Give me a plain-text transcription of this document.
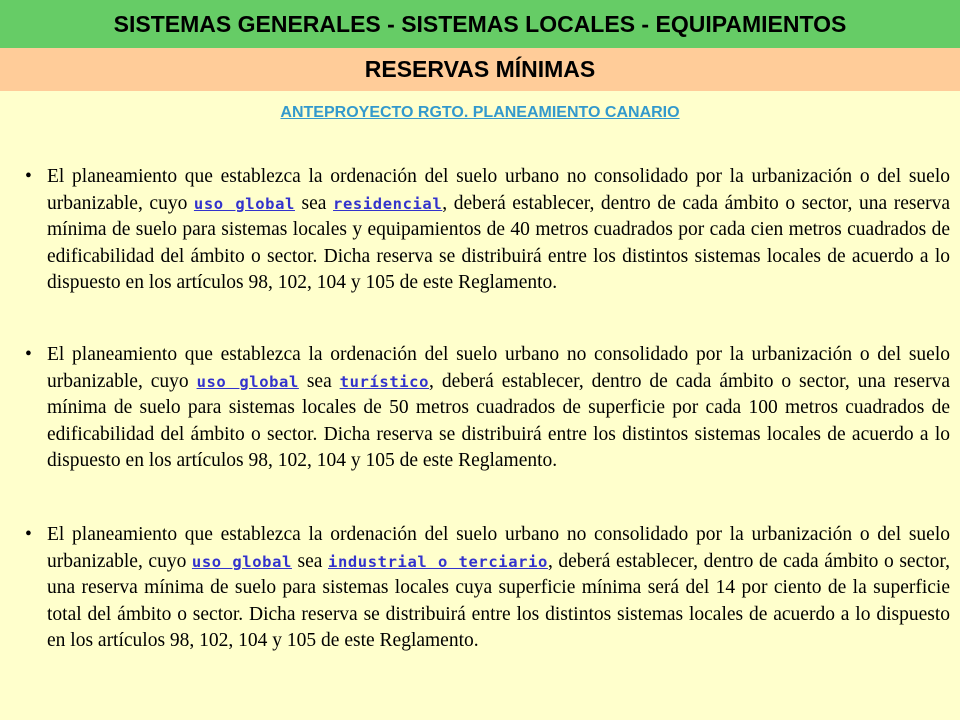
SISTEMAS GENERALES - SISTEMAS LOCALES - EQUIPAMIENTOS
RESERVAS MÍNIMAS
ANTEPROYECTO RGTO. PLANEAMIENTO CANARIO
• El planeamiento que establezca la ordenación del suelo urbano no consolidado por la urbanización o del suelo urbanizable, cuyo uso global sea residencial, deberá establecer, dentro de cada ámbito o sector, una reserva mínima de suelo para sistemas locales y equipamientos de 40 metros cuadrados por cada cien metros cuadrados de edificabilidad del ámbito o sector. Dicha reserva se distribuirá entre los distintos sistemas locales de acuerdo a lo dispuesto en los artículos 98, 102, 104 y 105 de este Reglamento.
• El planeamiento que establezca la ordenación del suelo urbano no consolidado por la urbanización o del suelo urbanizable, cuyo uso global sea turístico, deberá establecer, dentro de cada ámbito o sector, una reserva mínima de suelo para sistemas locales de 50 metros cuadrados de superficie por cada 100 metros cuadrados de edificabilidad del ámbito o sector. Dicha reserva se distribuirá entre los distintos sistemas locales de acuerdo a lo dispuesto en los artículos 98, 102, 104 y 105 de este Reglamento.
• El planeamiento que establezca la ordenación del suelo urbano no consolidado por la urbanización o del suelo urbanizable, cuyo uso global sea industrial o terciario, deberá establecer, dentro de cada ámbito o sector, una reserva mínima de suelo para sistemas locales cuya superficie mínima será del 14 por ciento de la superficie total del ámbito o sector. Dicha reserva se distribuirá entre los distintos sistemas locales de acuerdo a lo dispuesto en los artículos 98, 102, 104 y 105 de este Reglamento.
